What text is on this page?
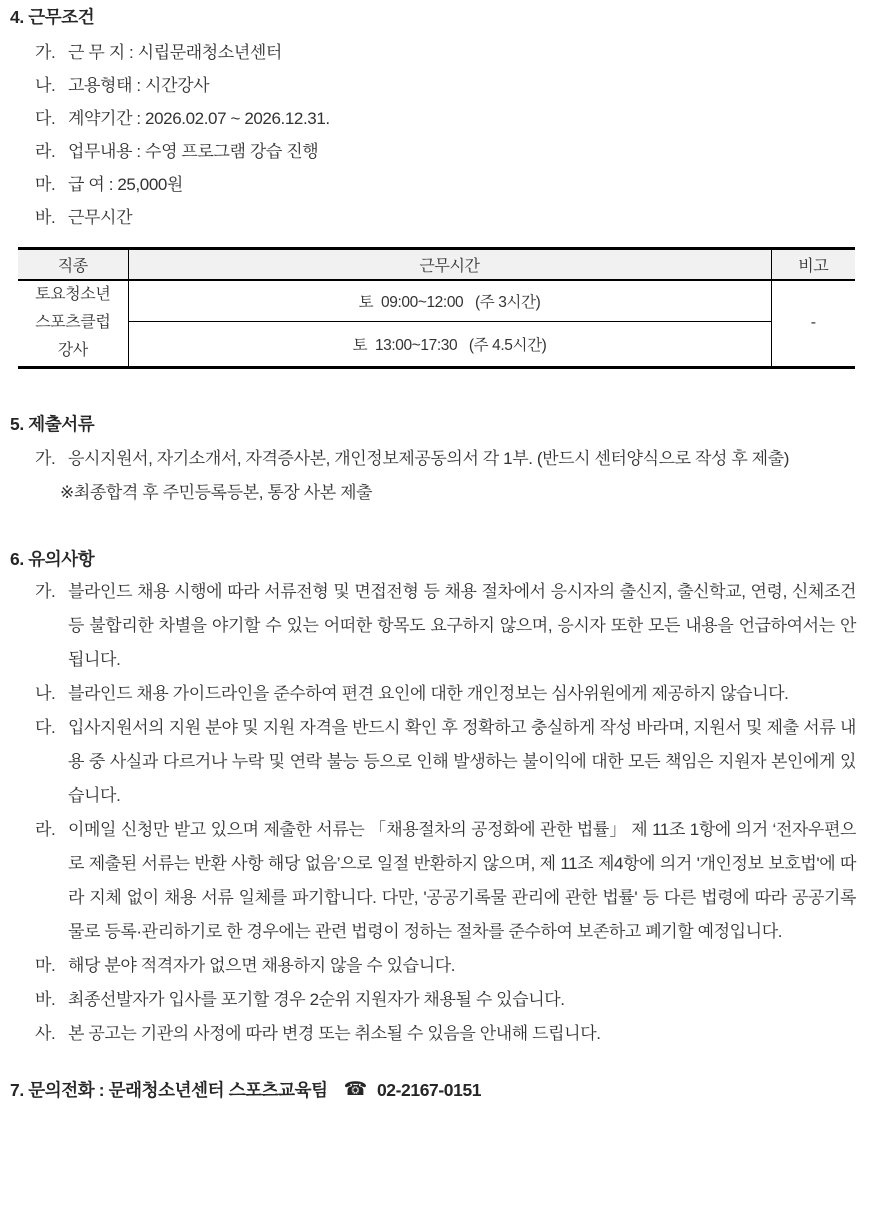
4. 근무조건
가. 근 무 지 : 시립문래청소년센터
나. 고용형태 : 시간강사
다. 계약기간 : 2026.02.07 ~ 2026.12.31.
라. 업무내용 : 수영 프로그램 강습 진행
마. 급 여 : 25,000원
바. 근무시간
직종	근무시간	비고
토요청소년
스포츠클럽
강사	토  09:00~12:00   (주 3시간)	-
	토  13:00~17:30   (주 4.5시간)	
5. 제출서류
가. 응시지원서, 자기소개서, 자격증사본, 개인정보제공동의서 각 1부. (반드시 센터양식으로 작성 후 제출)
※ 최종합격 후 주민등록등본, 통장 사본 제출
6. 유의사항
가. 블라인드 채용 시행에 따라 서류전형 및 면접전형 등 채용 절차에서 응시자의 출신지, 출신학교, 연령, 신체조건 등 불합리한 차별을 야기할 수 있는 어떠한 항목도 요구하지 않으며, 응시자 또한 모든 내용을 언급하여서는 안 됩니다.
나. 블라인드 채용 가이드라인을 준수하여 편견 요인에 대한 개인정보는 심사위원에게 제공하지 않습니다.
다. 입사지원서의 지원 분야 및 지원 자격을 반드시 확인 후 정확하고 충실하게 작성 바라며, 지원서 및 제출 서류 내용 중 사실과 다르거나 누락 및 연락 불능 등으로 인해 발생하는 불이익에 대한 모든 책임은 지원자 본인에게 있습니다.
라. 이메일 신청만 받고 있으며 제출한 서류는 「채용절차의 공정화에 관한 법률」 제 11조 1항에 의거 ‘전자우편으로 제출된 서류는 반환 사항 해당 없음’으로 일절 반환하지 않으며, 제 11조 제4항에 의거 '개인정보 보호법'에 따라 지체 없이 채용 서류 일체를 파기합니다. 다만, '공공기록물 관리에 관한 법률' 등 다른 법령에 따라 공공기록물로 등록·관리하기로 한 경우에는 관련 법령이 정하는 절차를 준수하여 보존하고 폐기할 예정입니다.
마. 해당 분야 적격자가 없으면 채용하지 않을 수 있습니다.
바. 최종선발자가 입사를 포기할 경우 2순위 지원자가 채용될 수 있습니다.
사. 본 공고는 기관의 사정에 따라 변경 또는 취소될 수 있음을 안내해 드립니다.
7. 문의전화 : 문래청소년센터 스포츠교육팀 ☎ 02-2167-0151
